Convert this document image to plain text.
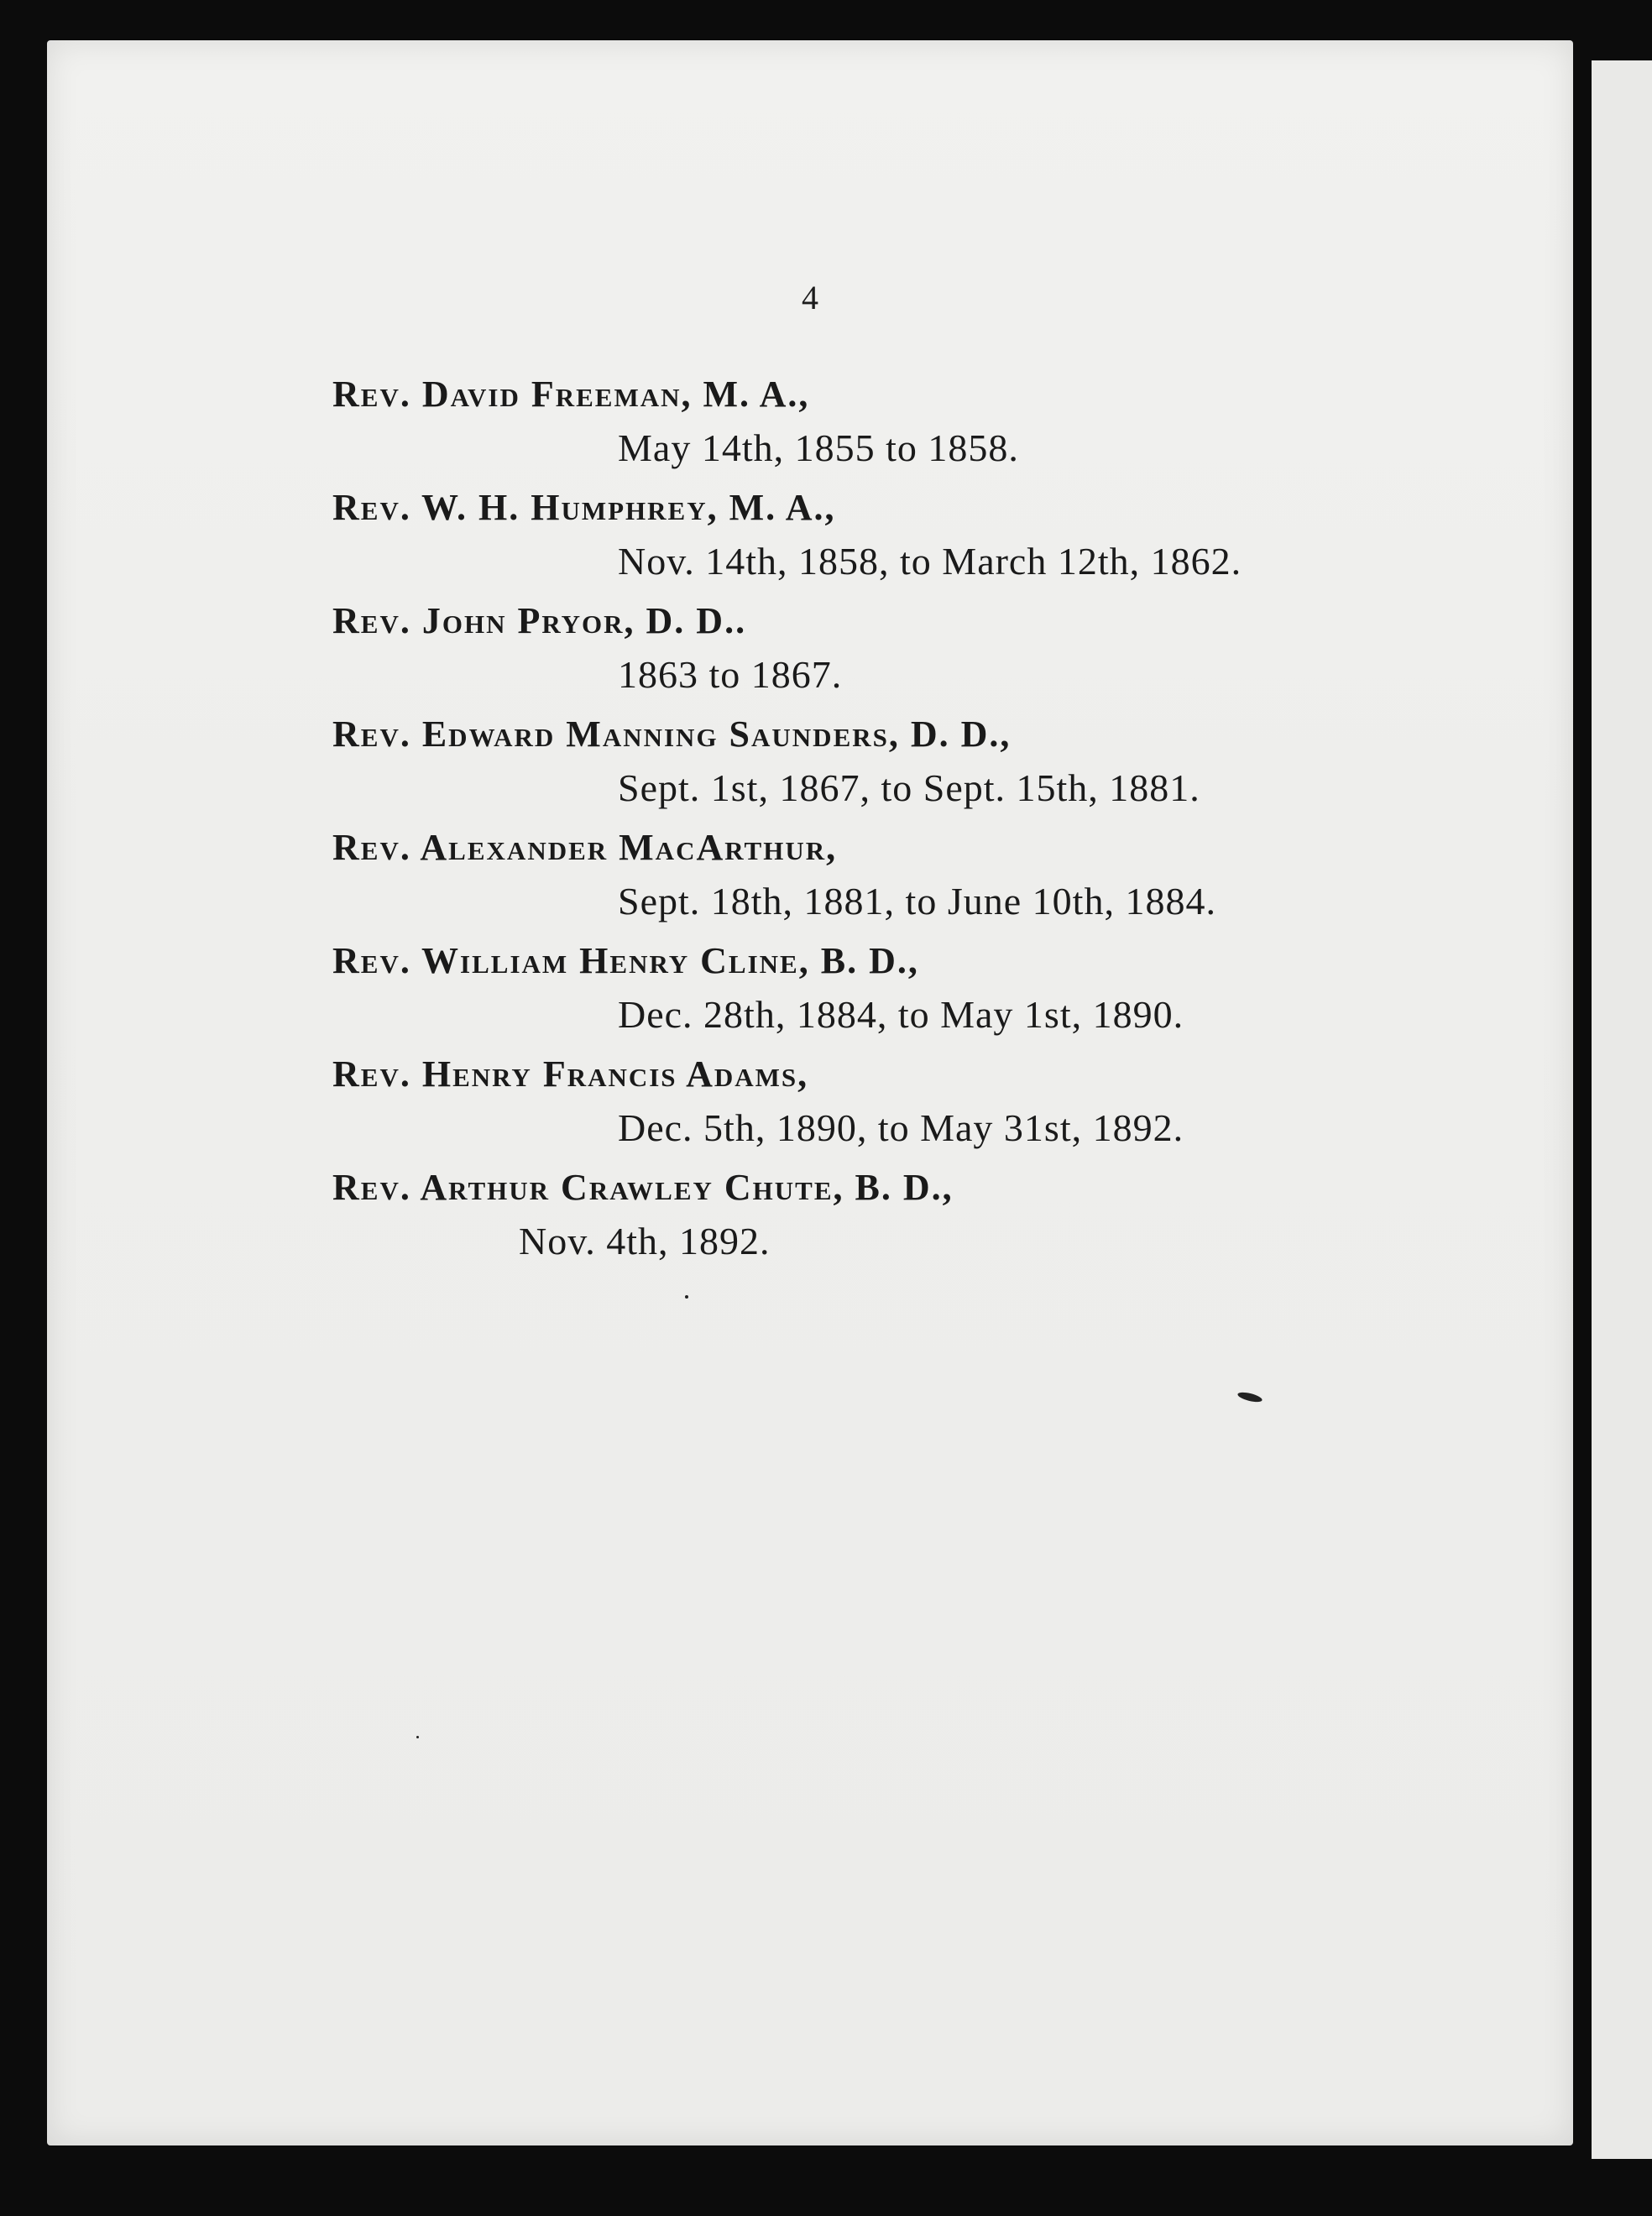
4
Rev. David Freeman, M. A.,
May 14th, 1855 to 1858.
Rev. W. H. Humphrey, M. A.,
Nov. 14th, 1858, to March 12th, 1862.
Rev. John Pryor, D. D..
1863 to 1867.
Rev. Edward Manning Saunders, D. D.,
Sept. 1st, 1867, to Sept. 15th, 1881.
Rev. Alexander MacArthur,
Sept. 18th, 1881, to June 10th, 1884.
Rev. William Henry Cline, B. D.,
Dec. 28th, 1884, to May 1st, 1890.
Rev. Henry Francis Adams,
Dec. 5th, 1890, to May 31st, 1892.
Rev. Arthur Crawley Chute, B. D.,
Nov. 4th, 1892.
